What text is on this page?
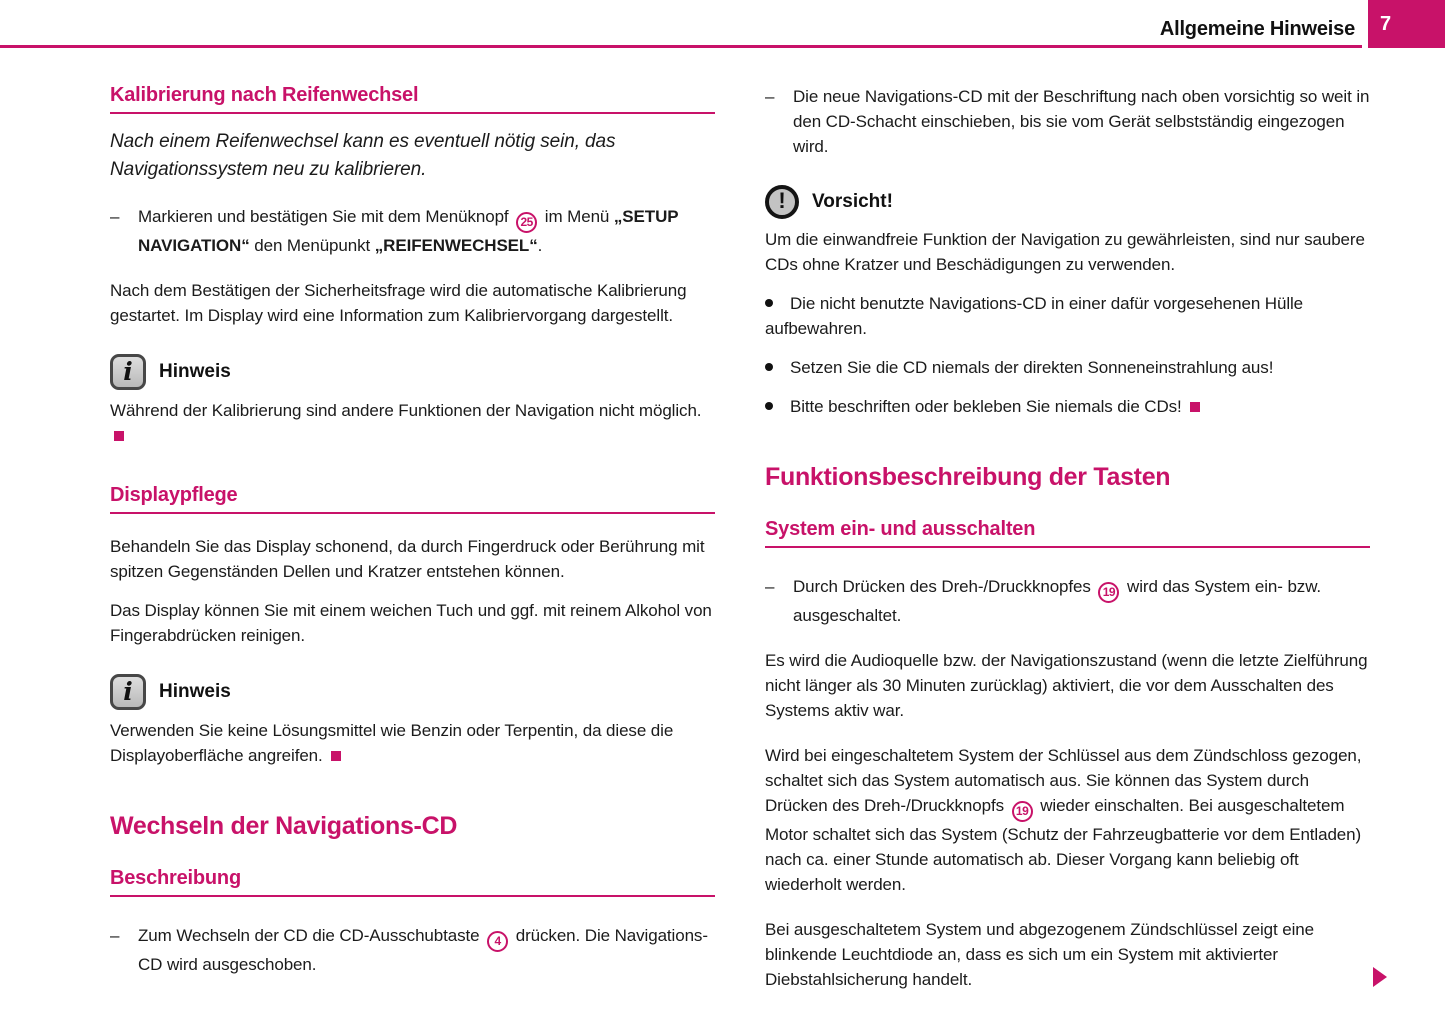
Allgemeine Hinweise	7
Kalibrierung nach Reifenwechsel

Nach einem Reifenwechsel kann es eventuell nötig sein, das Navigationssystem neu zu kalibrieren.

– Markieren und bestätigen Sie mit dem Menüknopf 25 im Menü „SETUP NAVIGATION“ den Menüpunkt „REIFENWECHSEL“.

Nach dem Bestätigen der Sicherheitsfrage wird die automatische Kalibrierung gestartet. Im Display wird eine Information zum Kalibriervorgang dargestellt.

i Hinweis

Während der Kalibrierung sind andere Funktionen der Navigation nicht möglich.

Displaypflege

Behandeln Sie das Display schonend, da durch Fingerdruck oder Berührung mit spitzen Gegenständen Dellen und Kratzer entstehen können.

Das Display können Sie mit einem weichen Tuch und ggf. mit reinem Alkohol von Fingerabdrücken reinigen.

i Hinweis

Verwenden Sie keine Lösungsmittel wie Benzin oder Terpentin, da diese die Displayoberfläche angreifen.

Wechseln der Navigations-CD
Beschreibung
– Zum Wechseln der CD die CD-Ausschubtaste 4 drücken. Die Navigations-CD wird ausgeschoben.

– Die neue Navigations-CD mit der Beschriftung nach oben vorsichtig so weit in den CD-Schacht einschieben, bis sie vom Gerät selbstständig eingezogen wird.

! Vorsicht!

Um die einwandfreie Funktion der Navigation zu gewährleisten, sind nur saubere CDs ohne Kratzer und Beschädigungen zu verwenden.

Die nicht benutzte Navigations-CD in einer dafür vorgesehenen Hülle aufbewahren.

Setzen Sie die CD niemals der direkten Sonneneinstrahlung aus!

Bitte beschriften oder bekleben Sie niemals die CDs!

Funktionsbeschreibung der Tasten
System ein- und ausschalten
– Durch Drücken des Dreh-/Druckknopfes 19 wird das System ein- bzw. ausgeschaltet.

Es wird die Audioquelle bzw. der Navigationszustand (wenn die letzte Zielführung nicht länger als 30 Minuten zurücklag) aktiviert, die vor dem Ausschalten des Systems aktiv war.

Wird bei eingeschaltetem System der Schlüssel aus dem Zündschloss gezogen, schaltet sich das System automatisch aus. Sie können das System durch Drücken des Dreh-/Druckknopfs 19 wieder einschalten. Bei ausgeschaltetem Motor schaltet sich das System (Schutz der Fahrzeugbatterie vor dem Entladen) nach ca. einer Stunde automatisch ab. Dieser Vorgang kann beliebig oft wiederholt werden.

Bei ausgeschaltetem System und abgezogenem Zündschlüssel zeigt eine blinkende Leuchtdiode an, dass es sich um ein System mit aktivierter Diebstahlsicherung handelt.
